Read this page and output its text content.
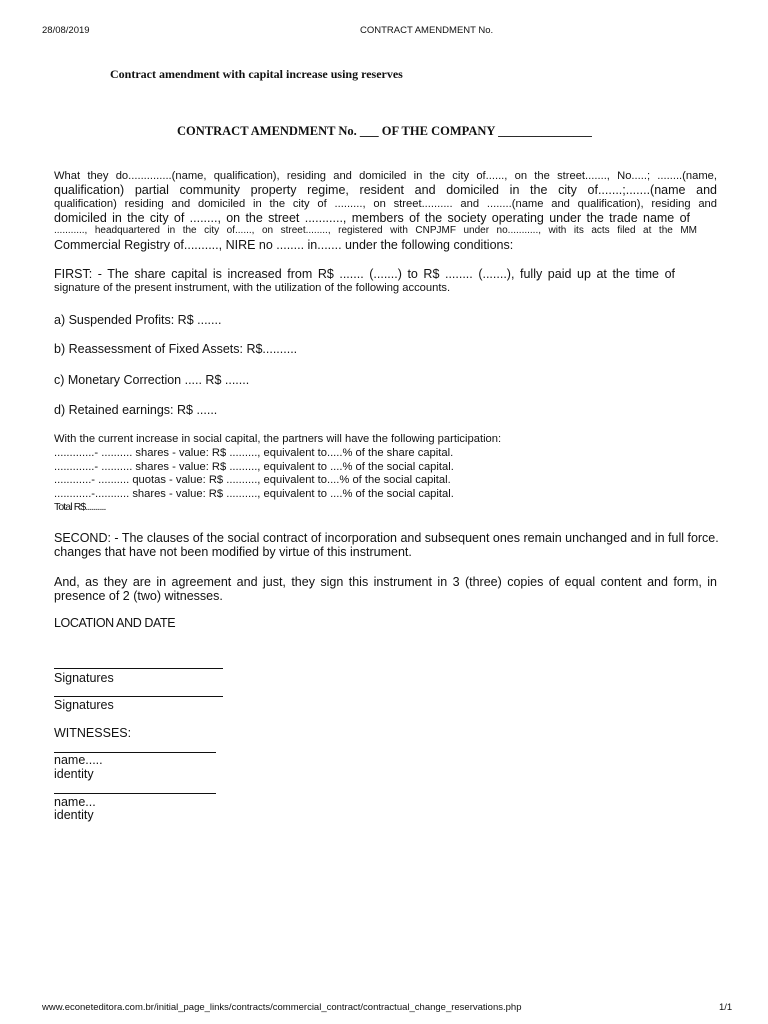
28/08/2019	CONTRACT AMENDMENT No.
Contract amendment with capital increase using reserves
CONTRACT AMENDMENT No. ___ OF THE COMPANY _______________
What they do..............(name, qualification), residing and domiciled in the city of......, on the street......., No.....; ........(name,
qualification) partial community property regime, resident and domiciled in the city of.......;.......(name and
qualification) residing and domiciled in the city of ........., on street.......... and ........(name and qualification), residing and
domiciled in the city of ........, on the street ..........., members of the society operating under the trade name of
..........., headquartered in the city of......, on street........, registered with CNPJMF under no..........., with its acts filed at the MM
Commercial Registry of.........., NIRE no ........ in....... under the following conditions:
FIRST: - The share capital is increased from R$ ....... (.......) to R$ ........ (.......), fully paid up at the time of
signature of the present instrument, with the utilization of the following accounts.
a) Suspended Profits: R$ .......
b) Reassessment of Fixed Assets: R$..........
c) Monetary Correction ..... R$ .......
d) Retained earnings: R$ ......
With the current increase in social capital, the partners will have the following participation:
.............- .......... shares - value: R$ ........., equivalent to.....% of the share capital.
.............- .......... shares - value: R$ ........., equivalent to ....% of the social capital.
............- .......... quotas - value: R$ .........., equivalent to....% of the social capital.
............-........... shares - value: R$ .........., equivalent to ....% of the social capital.
Total R$..........
SECOND: - The clauses of the social contract of incorporation and subsequent ones remain unchanged and in full force.
changes that have not been modified by virtue of this instrument.
And, as they are in agreement and just, they sign this instrument in 3 (three) copies of equal content and form, in
presence of 2 (two) witnesses.
LOCATION AND DATE
Signatures
Signatures
WITNESSES:
name.....
identity
name...
identity
www.econeteditora.com.br/initial_page_links/contracts/commercial_contract/contractual_change_reservations.php	1/1
